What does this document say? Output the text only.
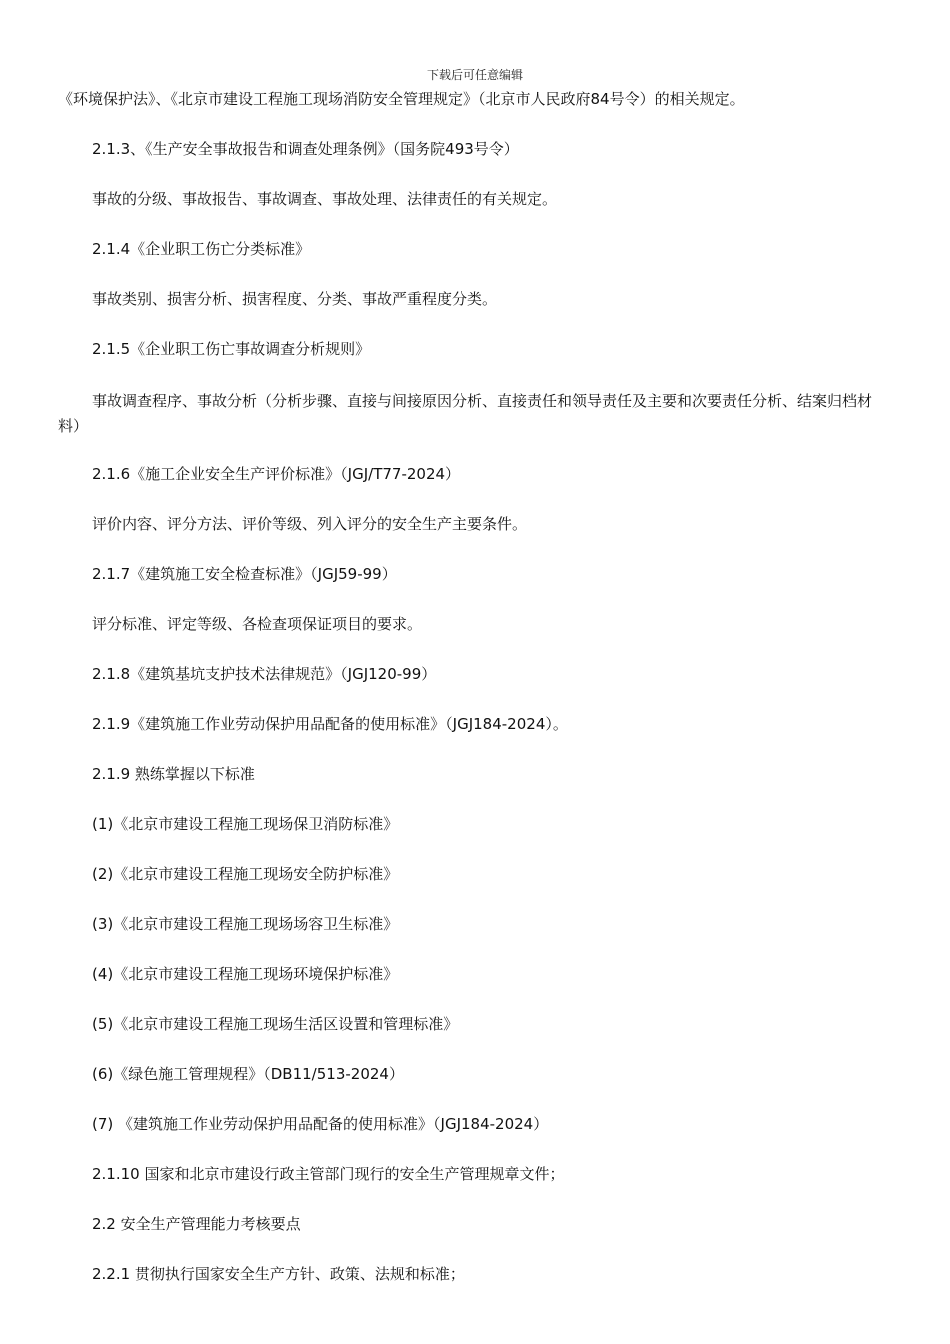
下载后可任意编辑
《环境保护法》、《北京市建设工程施工现场消防安全管理规定》（北京市人民政府84号令）的相关规定。
2.1.3、《生产安全事故报告和调查处理条例》（国务院493号令）
事故的分级、事故报告、事故调查、事故处理、法律责任的有关规定。
2.1.4《企业职工伤亡分类标准》
事故类别、损害分析、损害程度、分类、事故严重程度分类。
2.1.5《企业职工伤亡事故调查分析规则》
事故调查程序、事故分析（分析步骤、直接与间接原因分析、直接责任和领导责任及主要和次要责任分析、结案归档材料）
2.1.6《施工企业安全生产评价标准》（JGJ/T77-2024）
评价内容、评分方法、评价等级、列入评分的安全生产主要条件。
2.1.7《建筑施工安全检查标准》（JGJ59-99）
评分标准、评定等级、各检查项保证项目的要求。
2.1.8《建筑基坑支护技术法律规范》（JGJ120-99）
2.1.9《建筑施工作业劳动保护用品配备的使用标准》（JGJ184-2024）。
2.1.9 熟练掌握以下标准
(1)《北京市建设工程施工现场保卫消防标准》
(2)《北京市建设工程施工现场安全防护标准》
(3)《北京市建设工程施工现场场容卫生标准》
(4)《北京市建设工程施工现场环境保护标准》
(5)《北京市建设工程施工现场生活区设置和管理标准》
(6)《绿色施工管理规程》（DB11/513-2024）
(7) 《建筑施工作业劳动保护用品配备的使用标准》（JGJ184-2024）
2.1.10 国家和北京市建设行政主管部门现行的安全生产管理规章文件；
2.2 安全生产管理能力考核要点
2.2.1 贯彻执行国家安全生产方针、政策、法规和标准；
